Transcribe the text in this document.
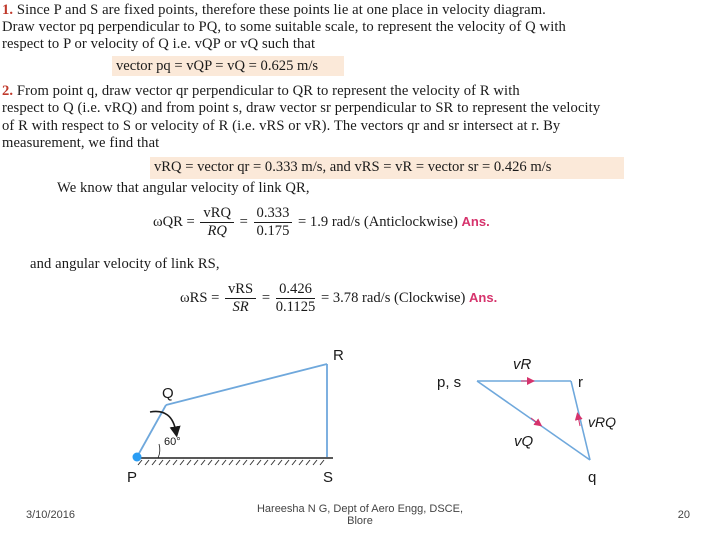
1. Since P and S are fixed points, therefore these points lie at one place in velocity diagram.
Draw vector pq perpendicular to PQ, to some suitable scale, to represent the velocity of Q with
respect to P or velocity of Q i.e. vQP or vQ such that
vector pq = vQP = vQ = 0.625 m/s
2. From point q, draw vector qr perpendicular to QR to represent the velocity of R with
respect to Q (i.e. vRQ) and from point s, draw vector sr perpendicular to SR to represent the velocity
of R with respect to S or velocity of R (i.e. vRS or vR). The vectors qr and sr intersect at r. By
measurement, we find that
vRQ = vector qr = 0.333 m/s, and vRS = vR = vector sr = 0.426 m/s
We know that angular velocity of link QR,
$\omega QR = \frac{\text{vRQ}}{RQ} = \frac{0.333}{0.175} = 1.9$ rad/s (Anticlockwise) Ans.
and angular velocity of link RS,
$\omega RS = \frac{\text{vRS}}{SR} = \frac{0.426}{0.1125} = 3.78$ rad/s (Clockwise) Ans.
Q
R
S
P
60°
p, s	r
q
vR
vRQ
vQ
3/10/2016	Hareesha N G, Dept of Aero Engg, DSCE,
Blore	20
